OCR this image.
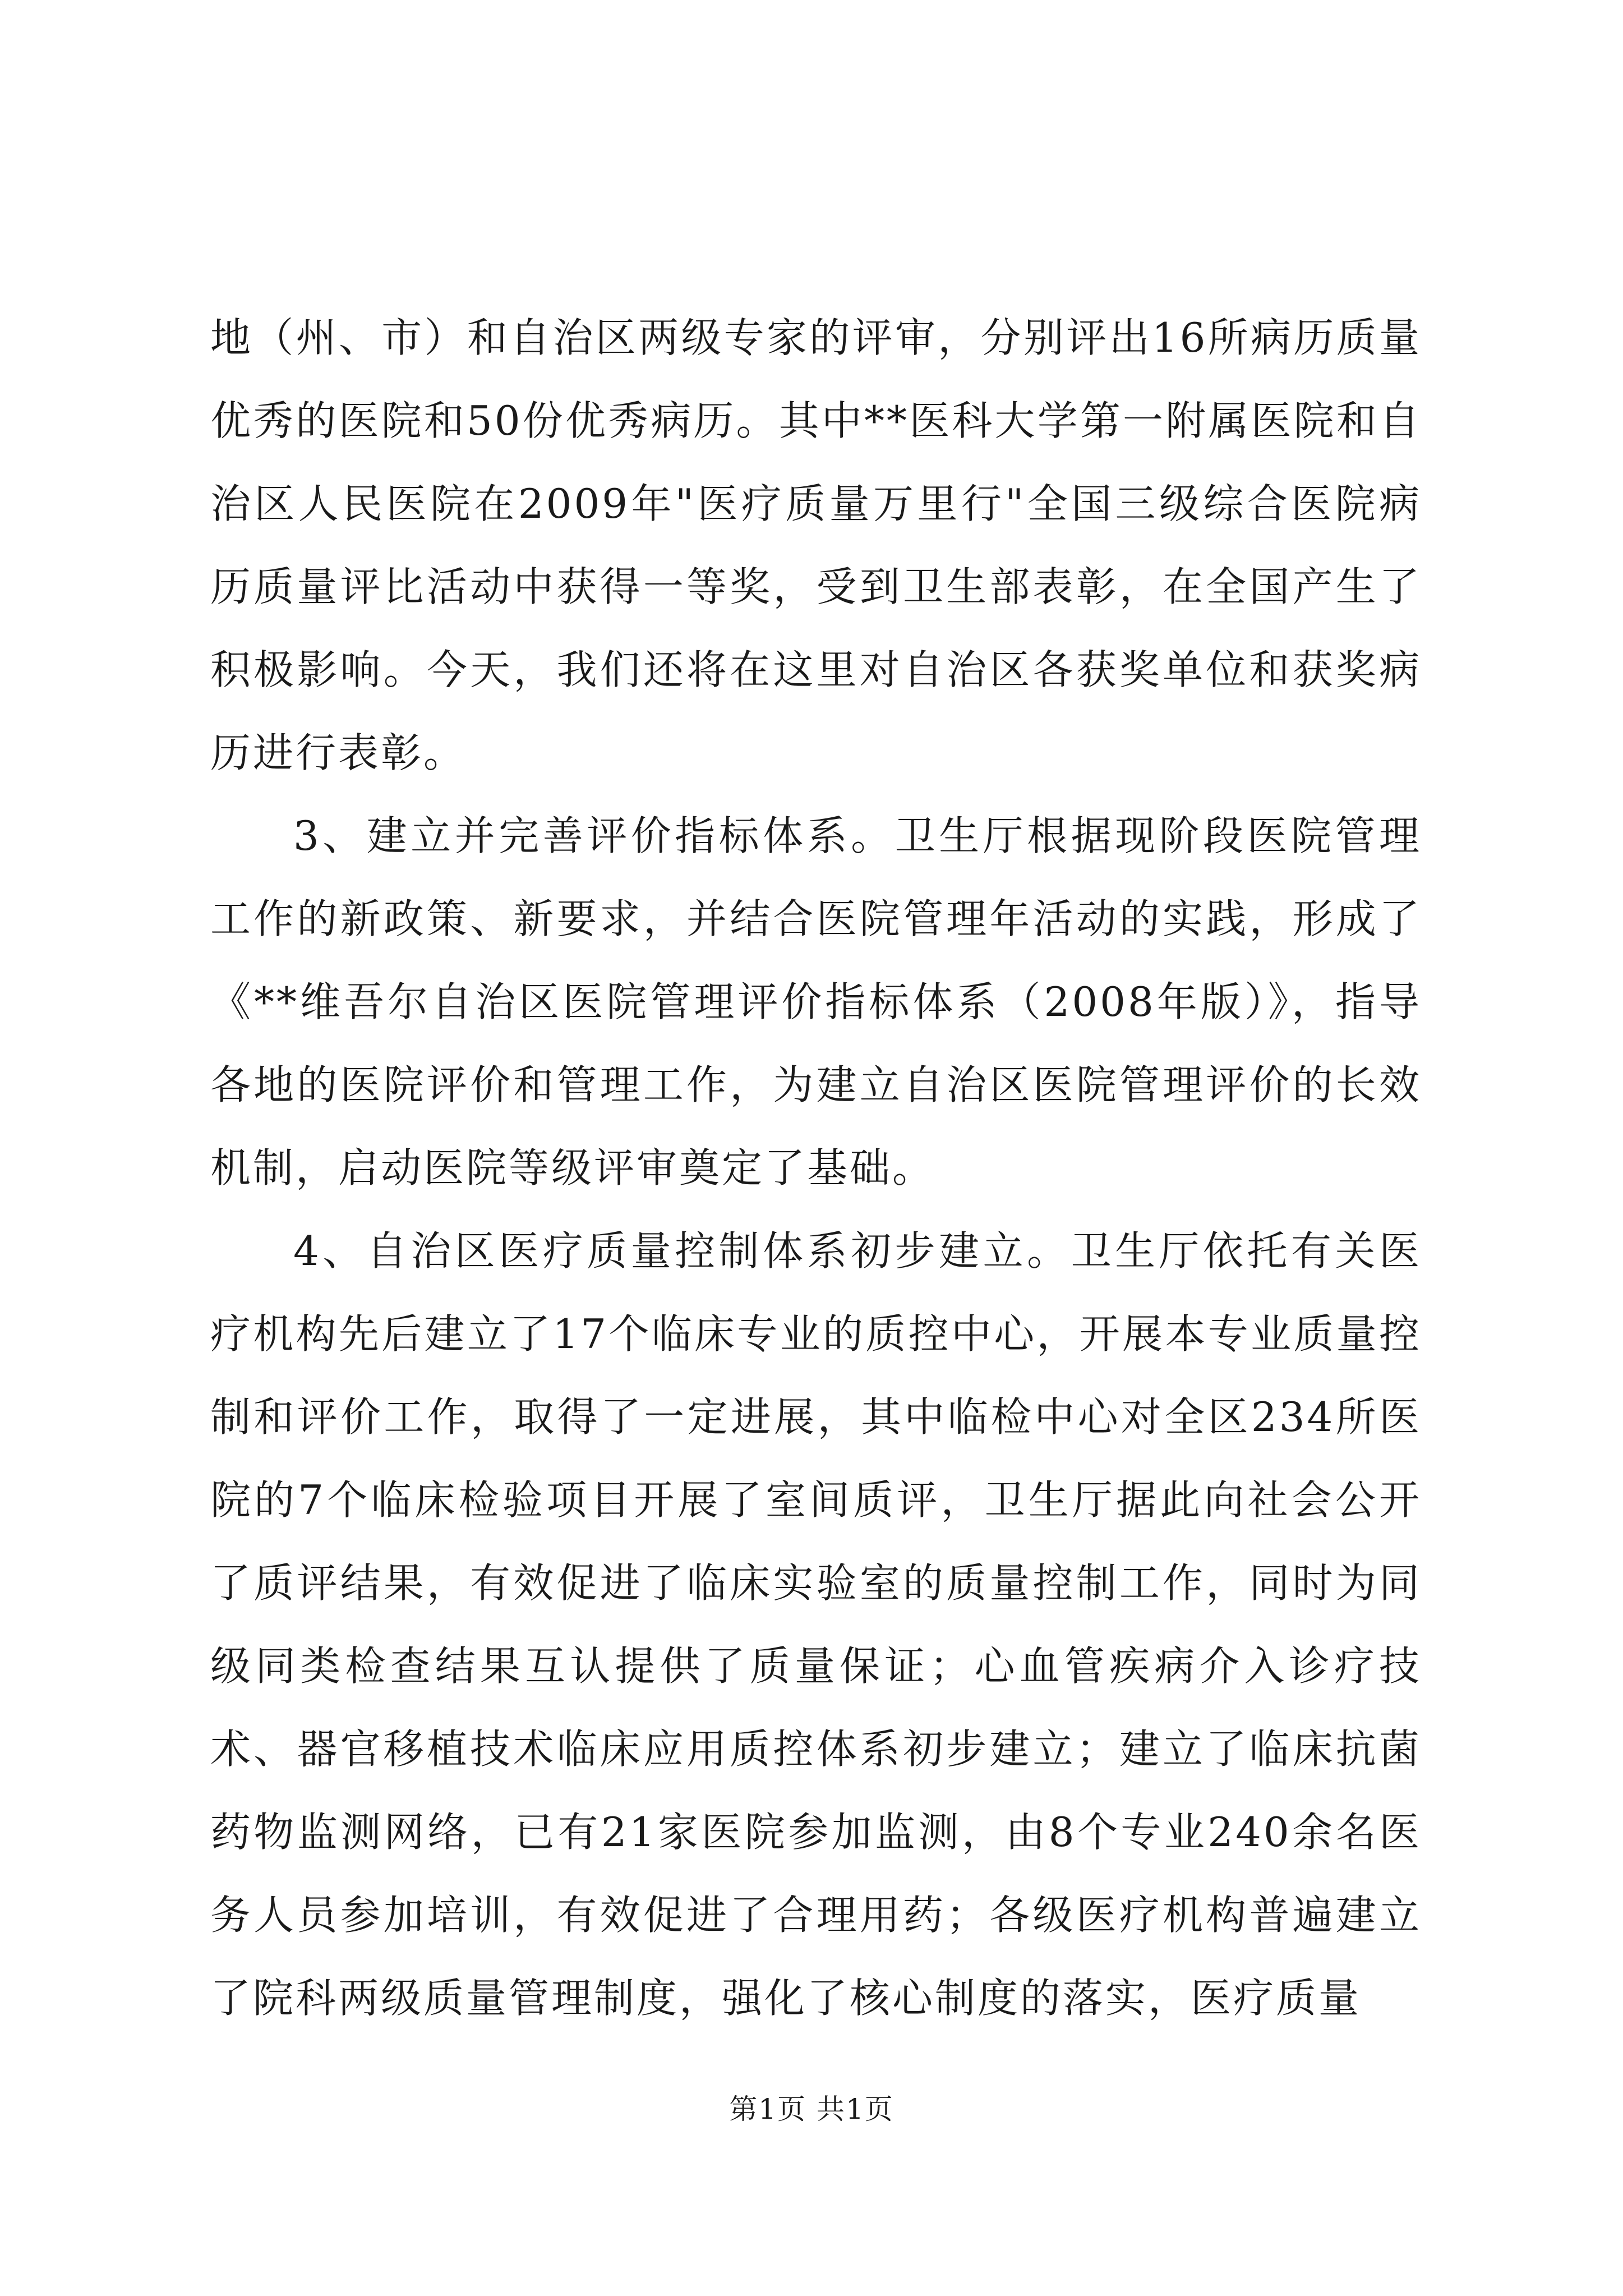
地（州、市）和自治区两级专家的评审，分别评出16所病历质量优秀的医院和50份优秀病历。其中**医科大学第一附属医院和自治区人民医院在2009年"医疗质量万里行"全国三级综合医院病历质量评比活动中获得一等奖，受到卫生部表彰，在全国产生了积极影响。今天，我们还将在这里对自治区各获奖单位和获奖病历进行表彰。

3、建立并完善评价指标体系。卫生厅根据现阶段医院管理工作的新政策、新要求，并结合医院管理年活动的实践，形成了《**维吾尔自治区医院管理评价指标体系（2008年版）》，指导各地的医院评价和管理工作，为建立自治区医院管理评价的长效机制，启动医院等级评审奠定了基础。

4、自治区医疗质量控制体系初步建立。卫生厅依托有关医疗机构先后建立了17个临床专业的质控中心，开展本专业质量控制和评价工作，取得了一定进展，其中临检中心对全区234所医院的7个临床检验项目开展了室间质评，卫生厅据此向社会公开了质评结果，有效促进了临床实验室的质量控制工作，同时为同级同类检查结果互认提供了质量保证；心血管疾病介入诊疗技术、器官移植技术临床应用质控体系初步建立；建立了临床抗菌药物监测网络，已有21家医院参加监测，由8个专业240余名医务人员参加培训，有效促进了合理用药；各级医疗机构普遍建立了院科两级质量管理制度，强化了核心制度的落实，医疗质量

第1页 共1页
